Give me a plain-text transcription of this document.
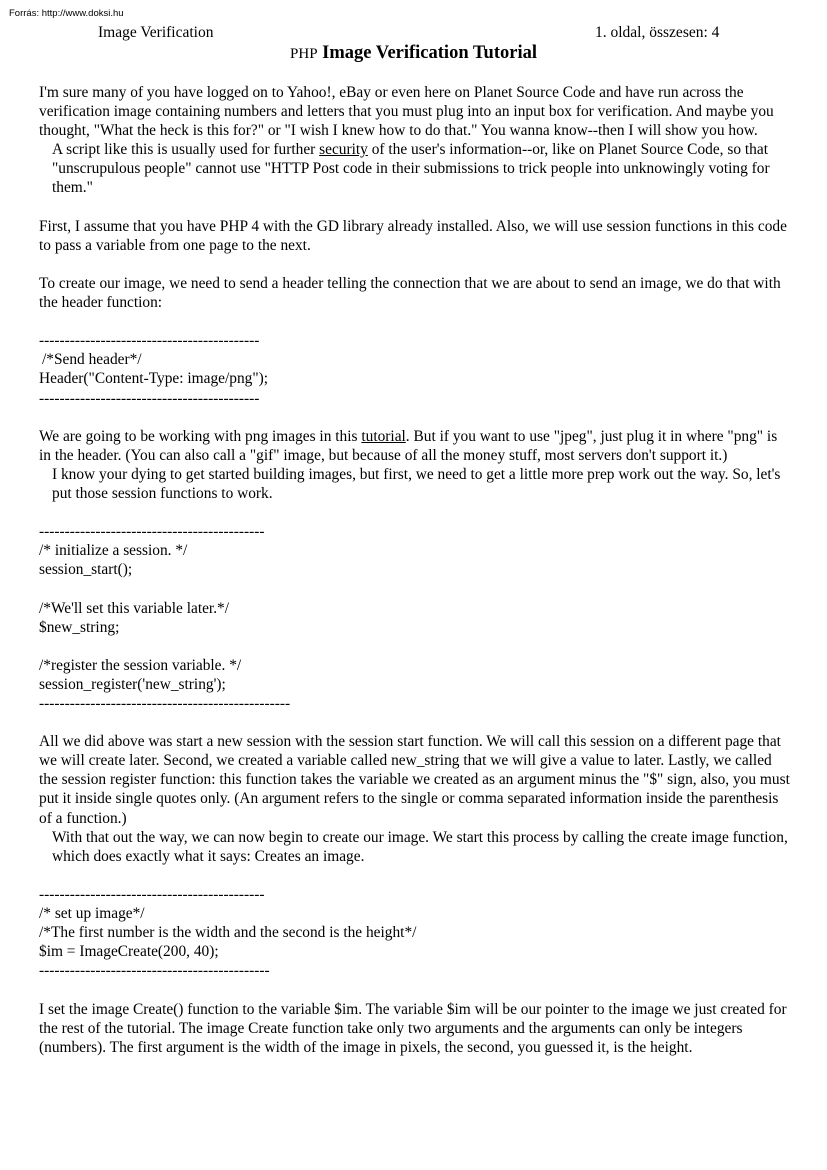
Forrás: http://www.doksi.hu
Image Verification	1. oldal, összesen: 4
PHP Image Verification Tutorial

I'm sure many of you have logged on to Yahoo!, eBay or even here on Planet Source Code and have run across the verification image containing numbers and letters that you must plug into an input box for verification. And maybe you thought, "What the heck is this for?" or "I wish I knew how to do that." You wanna know--then I will show you how.

A script like this is usually used for further security of the user's information--or, like on Planet Source Code, so that "unscrupulous people" cannot use "HTTP Post code in their submissions to trick people into unknowingly voting for them."

First, I assume that you have PHP 4 with the GD library already installed. Also, we will use session functions in this code to pass a variable from one page to the next.

To create our image, we need to send a header telling the connection that we are about to send an image, we do that with the header function:

-------------------------------------------

/*Send header*/

Header("Content-Type: image/png");

-------------------------------------------

We are going to be working with png images in this tutorial. But if you want to use "jpeg", just plug it in where "png" is in the header. (You can also call a "gif" image, but because of all the money stuff, most servers don't support it.)

I know your dying to get started building images, but first, we need to get a little more prep work out the way. So, let's put those session functions to work.

--------------------------------------------

/* initialize a session. */

session_start();

/*We'll set this variable later.*/

$new_string;

/*register the session variable. */

session_register('new_string');

-------------------------------------------------

All we did above was start a new session with the session start function. We will call this session on a different page that we will create later. Second, we created a variable called new_string that we will give a value to later. Lastly, we called the session register function: this function takes the variable we created as an argument minus the "$" sign, also, you must put it inside single quotes only. (An argument refers to the single or comma separated information inside the parenthesis of a function.)

With that out the way, we can now begin to create our image. We start this process by calling the create image function, which does exactly what it says: Creates an image.

--------------------------------------------

/* set up image*/

/*The first number is the width and the second is the height*/

$im = ImageCreate(200, 40);

---------------------------------------------

I set the image Create() function to the variable $im. The variable $im will be our pointer to the image we just created for the rest of the tutorial. The image Create function take only two arguments and the arguments can only be integers (numbers). The first argument is the width of the image in pixels, the second, you guessed it, is the height.
